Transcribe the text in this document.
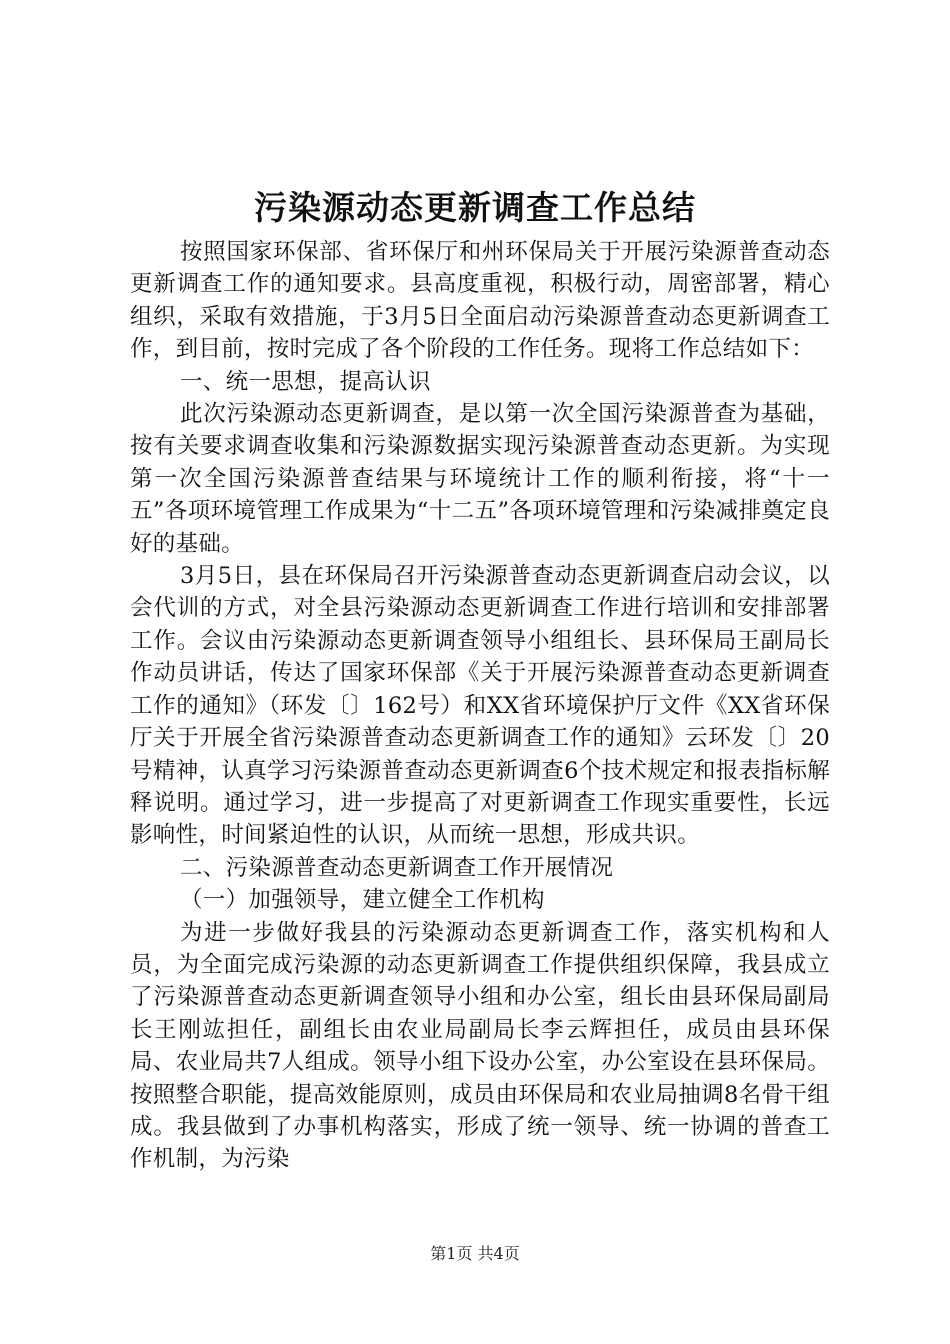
污染源动态更新调查工作总结

按照国家环保部、省环保厅和州环保局关于开展污染源普查动态更新调查工作的通知要求。县高度重视，积极行动，周密部署，精心组织，采取有效措施，于3月5日全面启动污染源普查动态更新调查工作，到目前，按时完成了各个阶段的工作任务。现将工作总结如下：

一、统一思想，提高认识

此次污染源动态更新调查，是以第一次全国污染源普查为基础，按有关要求调查收集和污染源数据实现污染源普查动态更新。为实现第一次全国污染源普查结果与环境统计工作的顺利衔接，将“十一五”各项环境管理工作成果为“十二五”各项环境管理和污染减排奠定良好的基础。

3月5日，县在环保局召开污染源普查动态更新调查启动会议，以会代训的方式，对全县污染源动态更新调查工作进行培训和安排部署工作。会议由污染源动态更新调查领导小组组长、县环保局王副局长作动员讲话，传达了国家环保部《关于开展污染源普查动态更新调查工作的通知》（环发〔〕162号）和XX省环境保护厅文件《XX省环保厅关于开展全省污染源普查动态更新调查工作的通知》云环发〔〕20号精神，认真学习污染源普查动态更新调查6个技术规定和报表指标解释说明。通过学习，进一步提高了对更新调查工作现实重要性，长远影响性，时间紧迫性的认识，从而统一思想，形成共识。

二、污染源普查动态更新调查工作开展情况

（一）加强领导，建立健全工作机构

为进一步做好我县的污染源动态更新调查工作，落实机构和人员，为全面完成污染源的动态更新调查工作提供组织保障，我县成立了污染源普查动态更新调查领导小组和办公室，组长由县环保局副局长王刚竑担任，副组长由农业局副局长李云辉担任，成员由县环保局、农业局共7人组成。领导小组下设办公室，办公室设在县环保局。按照整合职能，提高效能原则，成员由环保局和农业局抽调8名骨干组成。我县做到了办事机构落实，形成了统一领导、统一协调的普查工作机制，为污染

第1页 共4页
